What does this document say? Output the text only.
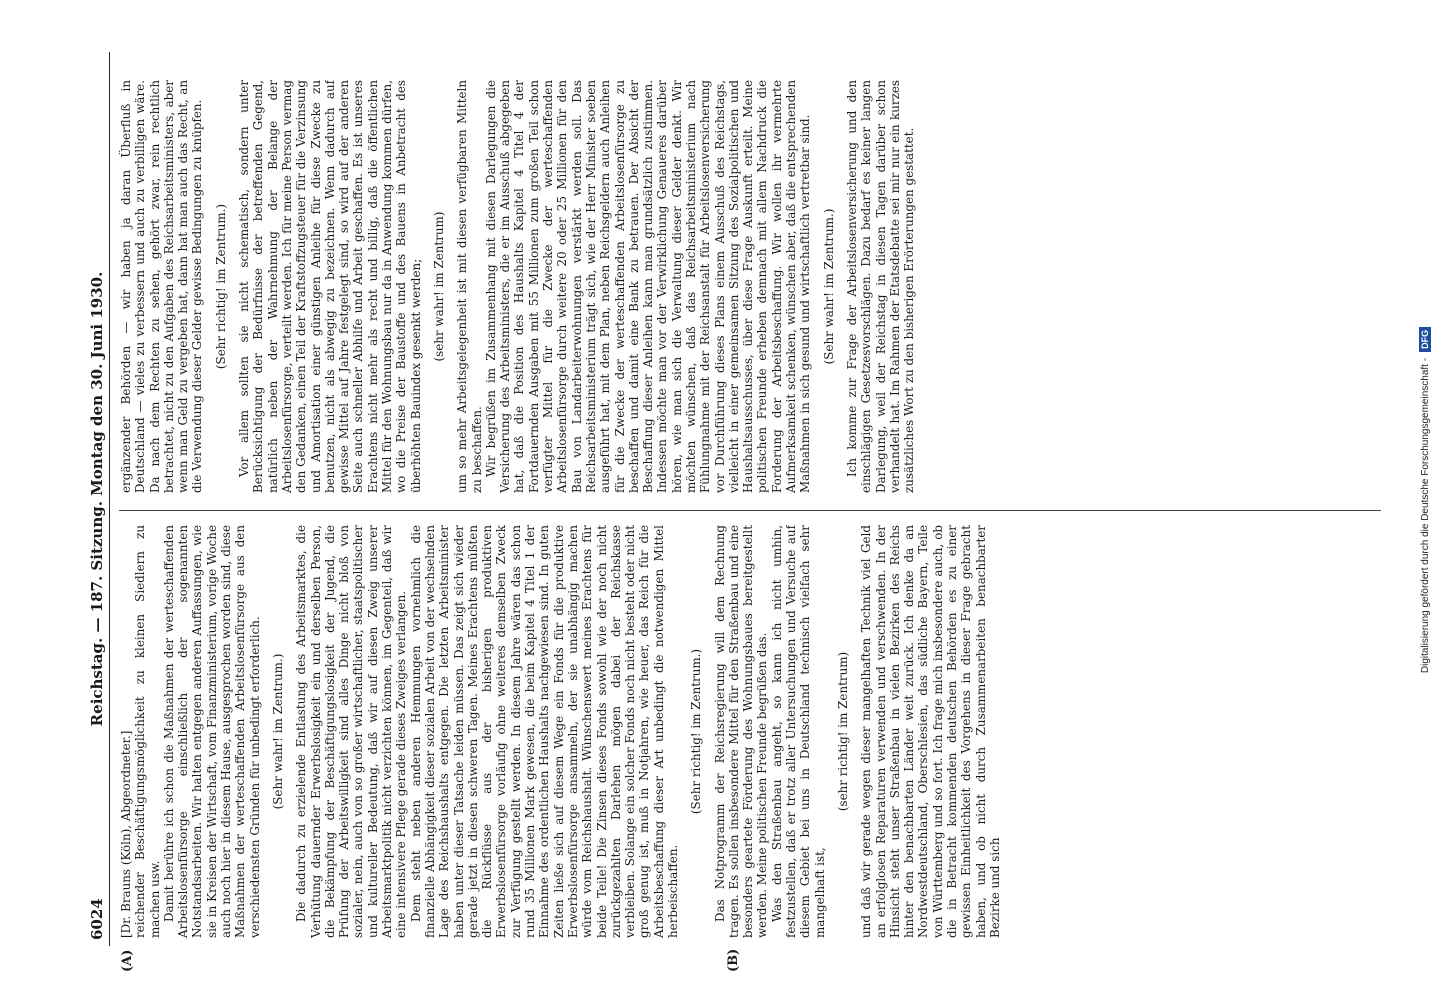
6024
Reichstag. — 187. Sitzung. Montag den 30. Juni 1930.
(A)	(B)

[Dr. Brauns (Köln), Abgeordneter.] reichender Beschäftigungsmöglichkeit zu kleinen Siedlern zu machen usw. Damit berühre ich schon die Maßnahmen der werteschaffenden Arbeitslosenfürsorge einschließlich der sogenannten Notstandsarbeiten. Wir halten entgegen anderen Auffassungen, wie sie in Kreisen der Wirtschaft, vom Finanzministerium, vorige Woche auch noch hier in diesem Hause, ausgesprochen worden sind, diese Maßnahmen der werteschaffenden Arbeitslosenfürsorge aus den verschiedensten Gründen für unbedingt erforderlich. (Sehr wahr! im Zentrum.) Die dadurch zu erzielende Entlastung des Arbeitsmarktes, die Verhütung dauernder Erwerbslosigkeit ein und derselben Person, die Bekämpfung der Beschäftigungslosigkeit der Jugend, die Prüfung der Arbeitswilligkeit sind alles Dinge nicht bloß von sozialer, nein, auch von so großer wirtschaftlicher, staatspolitischer und kultureller Bedeutung, daß wir auf diesen Zweig unserer Arbeitsmarktpolitik nicht verzichten können, im Gegenteil, daß wir eine intensivere Pflege gerade dieses Zweiges verlangen. Dem steht neben anderen Hemmungen vornehmlich die finanzielle Abhängigkeit dieser sozialen Arbeit von der wechselnden Lage des Reichshaushalts entgegen. Die letzten Arbeitsminister haben unter dieser Tatsache leiden müssen. Das zeigt sich wieder gerade jetzt in diesen schweren Tagen. Meines Erachtens müßten die Rückflüsse aus der bisherigen produktiven Erwerbslosenfürsorge vorläufig ohne weiteres demselben Zweck zur Verfügung gestellt werden. In diesem Jahre wären das schon rund 35 Millionen Mark gewesen, die beim Kapitel 4 Titel 1 der Einnahme des ordentlichen Haushalts nachgewiesen sind. In guten Zeiten ließe sich auf diesem Wege ein Fonds für die produktive Erwerbslosenfürsorge ansammeln, der sie unabhängig machen würde vom Reichshaushalt. Wünschenswert meines Erachtens für beide Teile! Die Zinsen dieses Fonds sowohl wie der noch nicht zurückgezahlten Darlehen mögen dabei der Reichskasse verbleiben. Solange ein solcher Fonds noch nicht besteht oder nicht groß genug ist, muß in Notjahren, wie heuer, das Reich für die Arbeitsbeschaffung dieser Art unbedingt die notwendigen Mittel herbeischaffen.

(Sehr richtig! im Zentrum.) Das Notprogramm der Reichsregierung will dem Rechnung tragen. Es sollen insbesondere Mittel für den Straßenbau und eine besonders geartete Förderung des Wohnungsbaues bereitgestellt werden. Meine politischen Freunde begrüßen das. Was den Straßenbau angeht, so kann ich nicht umhin, festzustellen, daß er trotz aller Untersuchungen und Versuche auf diesem Gebiet bei uns in Deutschland technisch vielfach sehr mangelhaft ist,

(sehr richtig! im Zentrum) und daß wir gerade wegen dieser mangelhaften Technik viel Geld an erfolglosen Reparaturen verwenden und verschwenden. In der Hinsicht steht unser Straßenbau in vielen Bezirken des Reichs hinter den benachbarten Länder weit zurück. Ich denke da an Nordwestdeutschland, Oberschlesien, das südliche Bayern, Teile von Württemberg und so fort. Ich frage mich insbesondere auch, ob die in Betracht kommenden deutschen Behörden es zu einer gewissen Einheitlichkeit des Vorgehens in dieser Frage gebracht haben, und ob nicht durch Zusammenarbeiten benachbarter Bezirke und sich

ergänzender Behörden — wir haben ja daran Überfluß in Deutschland — vieles zu verbessern und auch zu verbilligen wäre. Da nach dem Rechten zu sehen, gehört zwar, rein rechtlich betrachtet, nicht zu den Aufgaben des Reichsarbeitsministers, aber wenn man Geld zu vergeben hat, dann hat man auch das Recht, an die Verwendung dieser Gelder gewisse Bedingungen zu knüpfen. (Sehr richtig! im Zentrum.) Vor allem sollten sie nicht schematisch, sondern unter Berücksichtigung der Bedürfnisse der betreffenden Gegend, natürlich neben der Wahrnehmung der Belange der Arbeitslosenfürsorge, verteilt werden. Ich für meine Person vermag den Gedanken, einen Teil der Kraftstoffzugsteuer für die Verzinsung und Amortisation einer günstigen Anleihe für diese Zwecke zu benutzen, nicht als abwegig zu bezeichnen. Wenn dadurch auf gewisse Mittel auf Jahre festgelegt sind, so wird auf der anderen Seite auch schneller Abhilfe und Arbeit geschaffen. Es ist unseres Erachtens nicht mehr als recht und billig, daß die öffentlichen Mittel für den Wohnungsbau nur da in Anwendung kommen dürfen, wo die Preise der Baustoffe und des Bauens in Anbetracht des überhöhten Bauindex gesenkt werden; (sehr wahr! im Zentrum) um so mehr Arbeitsgelegenheit ist mit diesen verfügbaren Mitteln zu beschaffen. Wir begrüßen im Zusammenhang mit diesen Darlegungen die Versicherung des Arbeitsministers, die er im Ausschuß abgegeben hat, daß die Position des Haushalts Kapitel 4 Titel 4 der Fortdauernden Ausgaben mit 55 Millionen zum großen Teil schon verfügter Mittel für die Zwecke der werteschaffenden Arbeitslosenfürsorge durch weitere 20 oder 25 Millionen für den Bau von Landarbeiterwohnungen verstärkt werden soll. Das Reichsarbeitsministerium trägt sich, wie der Herr Minister soeben ausgeführt hat, mit dem Plan, neben Reichsgeldern auch Anleihen für die Zwecke der werteschaffenden Arbeitslosenfürsorge zu beschaffen und damit eine Bank zu betrauen. Der Absicht der Beschaffung dieser Anleihen kann man grundsätzlich zustimmen. Indessen möchte man vor der Verwirklichung Genaueres darüber hören, wie man sich die Verwaltung dieser Gelder denkt. Wir möchten wünschen, daß das Reichsarbeitsministerium nach Fühlungnahme mit der Reichsanstalt für Arbeitslosenversicherung vor Durchführung dieses Plans einem Ausschuß des Reichstags, vielleicht in einer gemeinsamen Sitzung des Sozialpolitischen und Haushaltsausschusses, über diese Frage Auskunft erteilt. Meine politischen Freunde erheben demnach mit allem Nachdruck die Forderung der Arbeitsbeschaffung. Wir wollen ihr vermehrte Aufmerksamkeit schenken, wünschen aber, daß die entsprechenden Maßnahmen in sich gesund und wirtschaftlich vertretbar sind. (Sehr wahr! im Zentrum.) Ich komme zur Frage der Arbeitslosenversicherung und den einschlägigen Gesetzesvorschlägen. Dazu bedarf es keiner langen Darlegung, weil der Reichstag in diesen Tagen darüber schon verhandelt hat. Im Rahmen der Etatsdebatte sei mir nur ein kurzes zusätzliches Wort zu den bisherigen Erörterungen gestattet.

Digitalisierung gefördert durch die Deutsche Forschungsgemeinschaft -DFG
